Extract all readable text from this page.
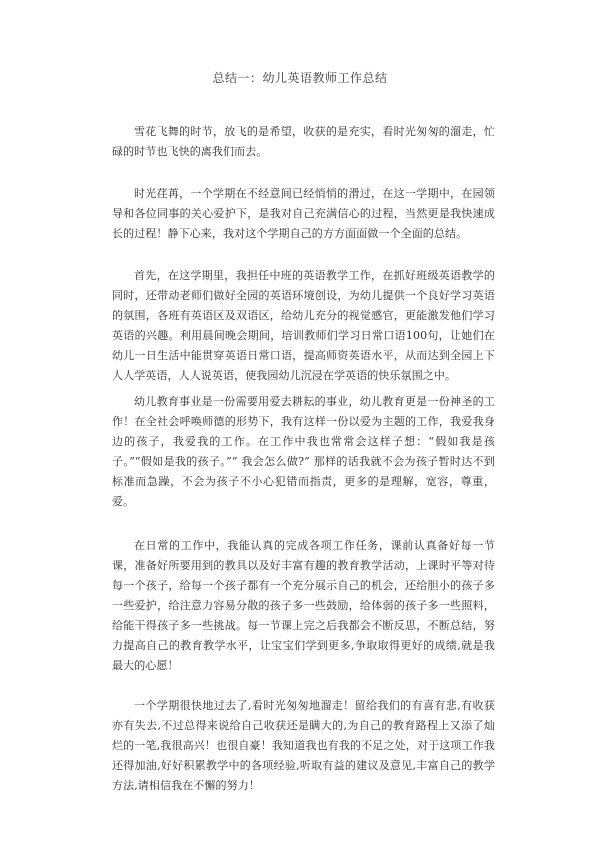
总结一：幼儿英语教师工作总结

雪花飞舞的时节，放飞的是希望，收获的是充实，看时光匆匆的溜走，忙碌的时节也飞快的离我们而去。

时光荏苒，一个学期在不经意间已经悄悄的滑过，在这一学期中，在园领导和各位同事的关心爱护下，是我对自己充满信心的过程，当然更是我快速成长的过程！静下心来，我对这个学期自己的方方面面做一个全面的总结。

首先，在这学期里，我担任中班的英语教学工作，在抓好班级英语教学的同时，还带动老师们做好全园的英语环境创设，为幼儿提供一个良好学习英语的氛围，各班有英语区及双语区，给幼儿充分的视觉感官，更能激发他们学习英语的兴趣。利用晨间晚会期间，培训教师们学习日常口语100句，让她们在幼儿一日生活中能贯穿英语日常口语，提高师资英语水平，从而达到全园上下人人学英语，人人说英语，使我园幼儿沉浸在学英语的快乐氛围之中。

幼儿教育事业是一份需要用爱去耕耘的事业，幼儿教育更是一份神圣的工作！在全社会呼唤师德的形势下，我有这样一份以爱为主题的工作，我爱我身边的孩子，我爱我的工作。在工作中我也常常会这样子想：“假如我是孩子。”“假如是我的孩子。”” 我会怎么做?” 那样的话我就不会为孩子暂时达不到标准而急躁，不会为孩子不小心犯错而指责，更多的是理解，宽容，尊重，爱。

在日常的工作中，我能认真的完成各项工作任务，课前认真备好每一节课，准备好所要用到的教具以及好丰富有趣的教育教学活动，上课时平等对待每一个孩子，给每一个孩子都有一个充分展示自己的机会，还给胆小的孩子多一些爱护，给注意力容易分散的孩子多一些鼓励，给体弱的孩子多一些照料，给能干得孩子多一些挑战。每一节课上完之后我都会不断反思，不断总结，努力提高自己的教育教学水平，让宝宝们学到更多,争取取得更好的成绩,就是我最大的心愿！

一个学期很快地过去了,看时光匆匆地溜走！留给我们的有喜有悲,有收获亦有失去,不过总得来说给自己收获还是瞒大的,为自己的教育路程上又添了灿烂的一笔,我很高兴！也很自豪！我知道我也有我的不足之处，对于这项工作我还得加油,好好积累教学中的各项经验,听取有益的建议及意见,丰富自己的教学方法,请相信我在不懈的努力！
